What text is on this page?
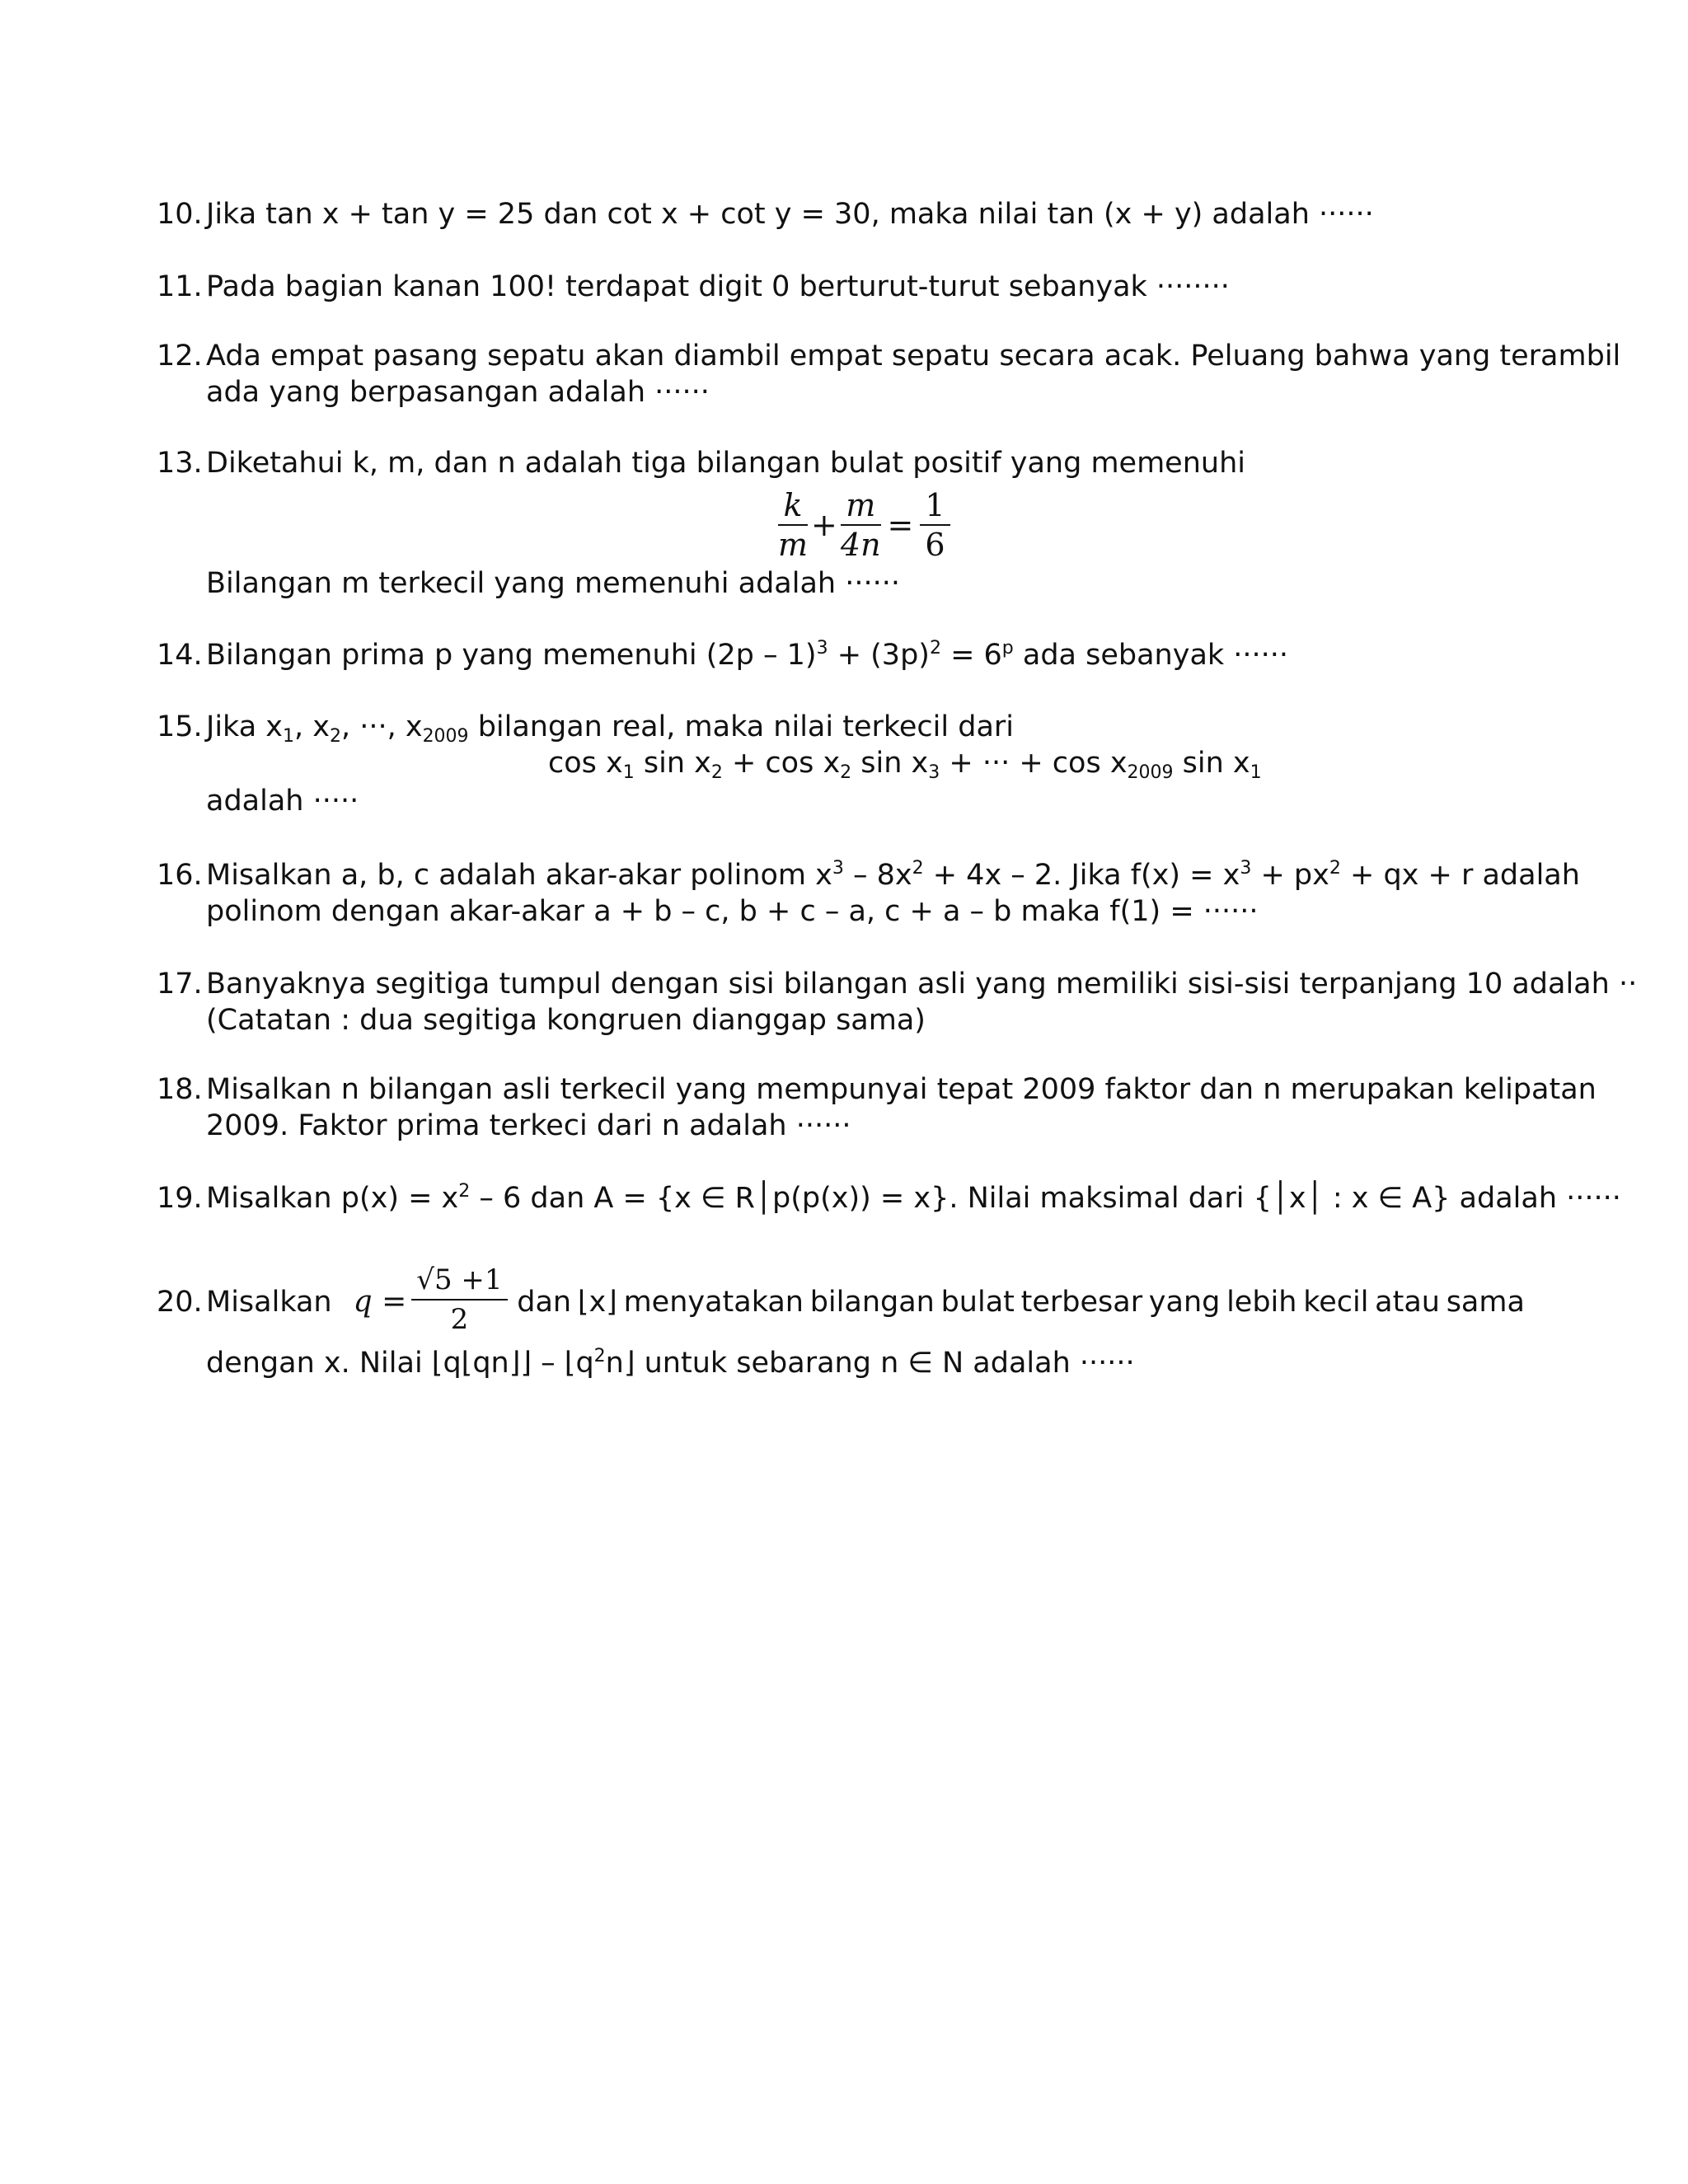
10. Jika tan x + tan y = 25 dan cot x + cot y = 30, maka nilai tan (x + y) adalah ······
11. Pada bagian kanan 100! terdapat digit 0 berturut-turut sebanyak ········
12. Ada empat pasang sepatu akan diambil empat sepatu secara acak. Peluang bahwa yang terambil
ada yang berpasangan adalah ······
13. Diketahui k, m, dan n adalah tiga bilangan bulat positif yang memenuhi
$\frac{k}{m} + \frac{m}{4n} = \frac{1}{6}$
Bilangan m terkecil yang memenuhi adalah ······
14. Bilangan prima p yang memenuhi $(2p - 1)^3 + (3p)^2 = 6^p$ ada sebanyak ······
15. Jika $x_1$, $x_2$, ···, $x_{2009}$ bilangan real, maka nilai terkecil dari
$\cos x_1$ $\sin x_2 + \cos x_2$ $\sin x_3$ + ··· + $\cos x_{2009}$ $\sin x_1$
adalah ·····
16. Misalkan a, b, c adalah akar-akar polinom $x^3 - 8x^2 + 4x - 2$. Jika $f(x) = x^3 + px^2$ + qx + r adalah
polinom dengan akar-akar a + b – c, b + c – a, c + a – b maka f(1) = ······
17. Banyaknya segitiga tumpul dengan sisi bilangan asli yang memiliki sisi-sisi terpanjang 10 adalah ··
(Catatan : dua segitiga kongruen dianggap sama)
18. Misalkan n bilangan asli terkecil yang mempunyai tepat 2009 faktor dan n merupakan kelipatan
2009. Faktor prima terkeci dari n adalah ······
19. Misalkan $p(x) = x^2 - 6$ dan A = {x ∈ R│p(p(x)) = x}. Nilai maksimal dari {│x│ : x ∈ A} adalah ······
20. Misalkan $q = \frac{√5 +1}{2}$ dan ⌊x⌋ menyatakan bilangan bulat terbesar yang lebih kecil atau sama
dengan x. Nilai ⌊q⌊qn⌋⌋ – $⌊q^2n⌋$ untuk sebarang n ∈ N adalah ······
